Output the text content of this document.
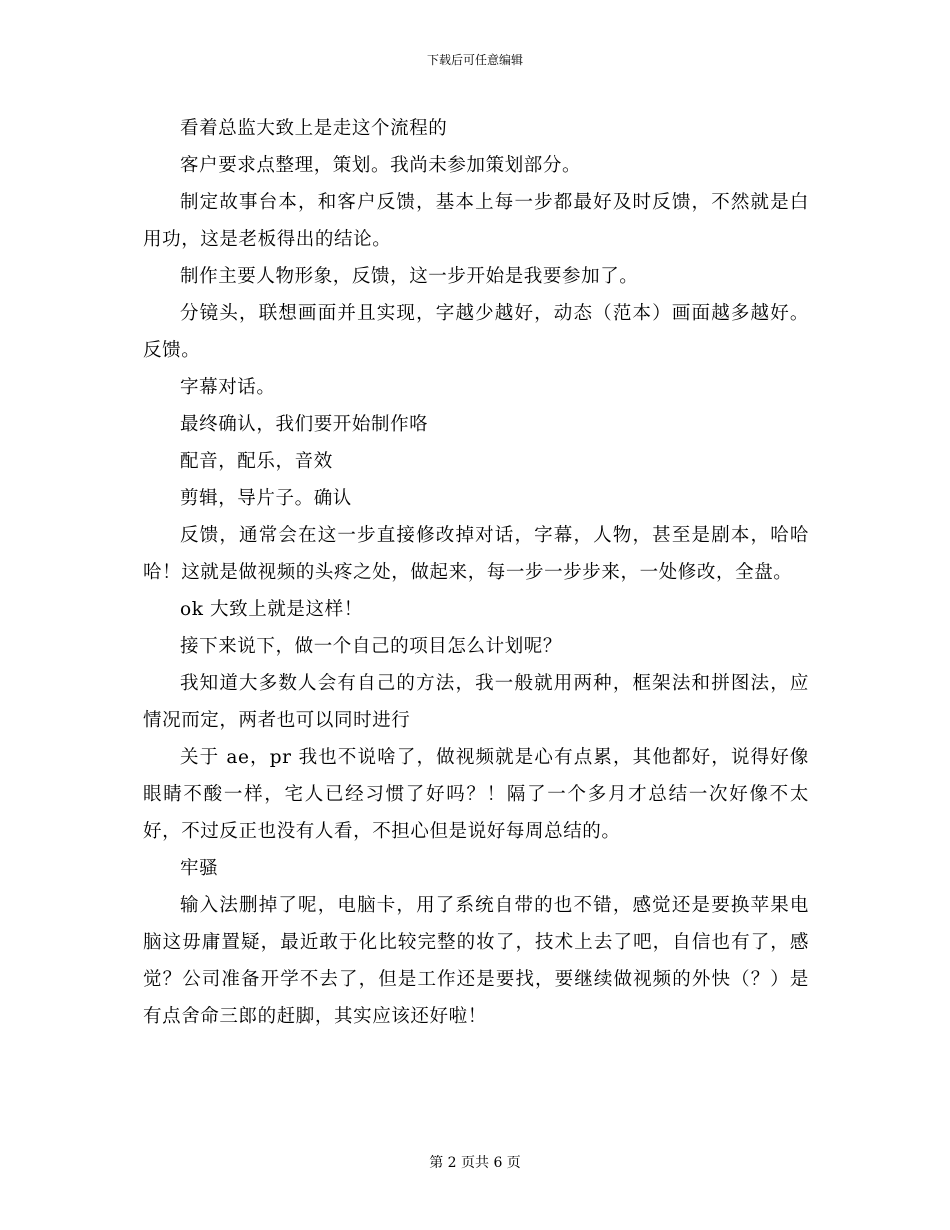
下载后可任意编辑

看着总监大致上是走这个流程的

客户要求点整理，策划。我尚未参加策划部分。

制定故事台本，和客户反馈，基本上每一步都最好及时反馈，不然就是白用功，这是老板得出的结论。

制作主要人物形象，反馈，这一步开始是我要参加了。

分镜头，联想画面并且实现，字越少越好，动态（范本）画面越多越好。反馈。

字幕对话。

最终确认，我们要开始制作咯

配音，配乐，音效

剪辑，导片子。确认

反馈，通常会在这一步直接修改掉对话，字幕，人物，甚至是剧本，哈哈哈！这就是做视频的头疼之处，做起来，每一步一步步来，一处修改，全盘。

ok 大致上就是这样！

接下来说下，做一个自己的项目怎么计划呢？

我知道大多数人会有自己的方法，我一般就用两种，框架法和拼图法，应情况而定，两者也可以同时进行

关于 ae，pr 我也不说啥了，做视频就是心有点累，其他都好，说得好像眼睛不酸一样，宅人已经习惯了好吗？！隔了一个多月才总结一次好像不太好，不过反正也没有人看，不担心但是说好每周总结的。

牢骚

输入法删掉了呢，电脑卡，用了系统自带的也不错，感觉还是要换苹果电脑这毋庸置疑，最近敢于化比较完整的妆了，技术上去了吧，自信也有了，感觉？公司准备开学不去了，但是工作还是要找，要继续做视频的外快（？）是有点舍命三郎的赶脚，其实应该还好啦！

第 2 页共 6 页
